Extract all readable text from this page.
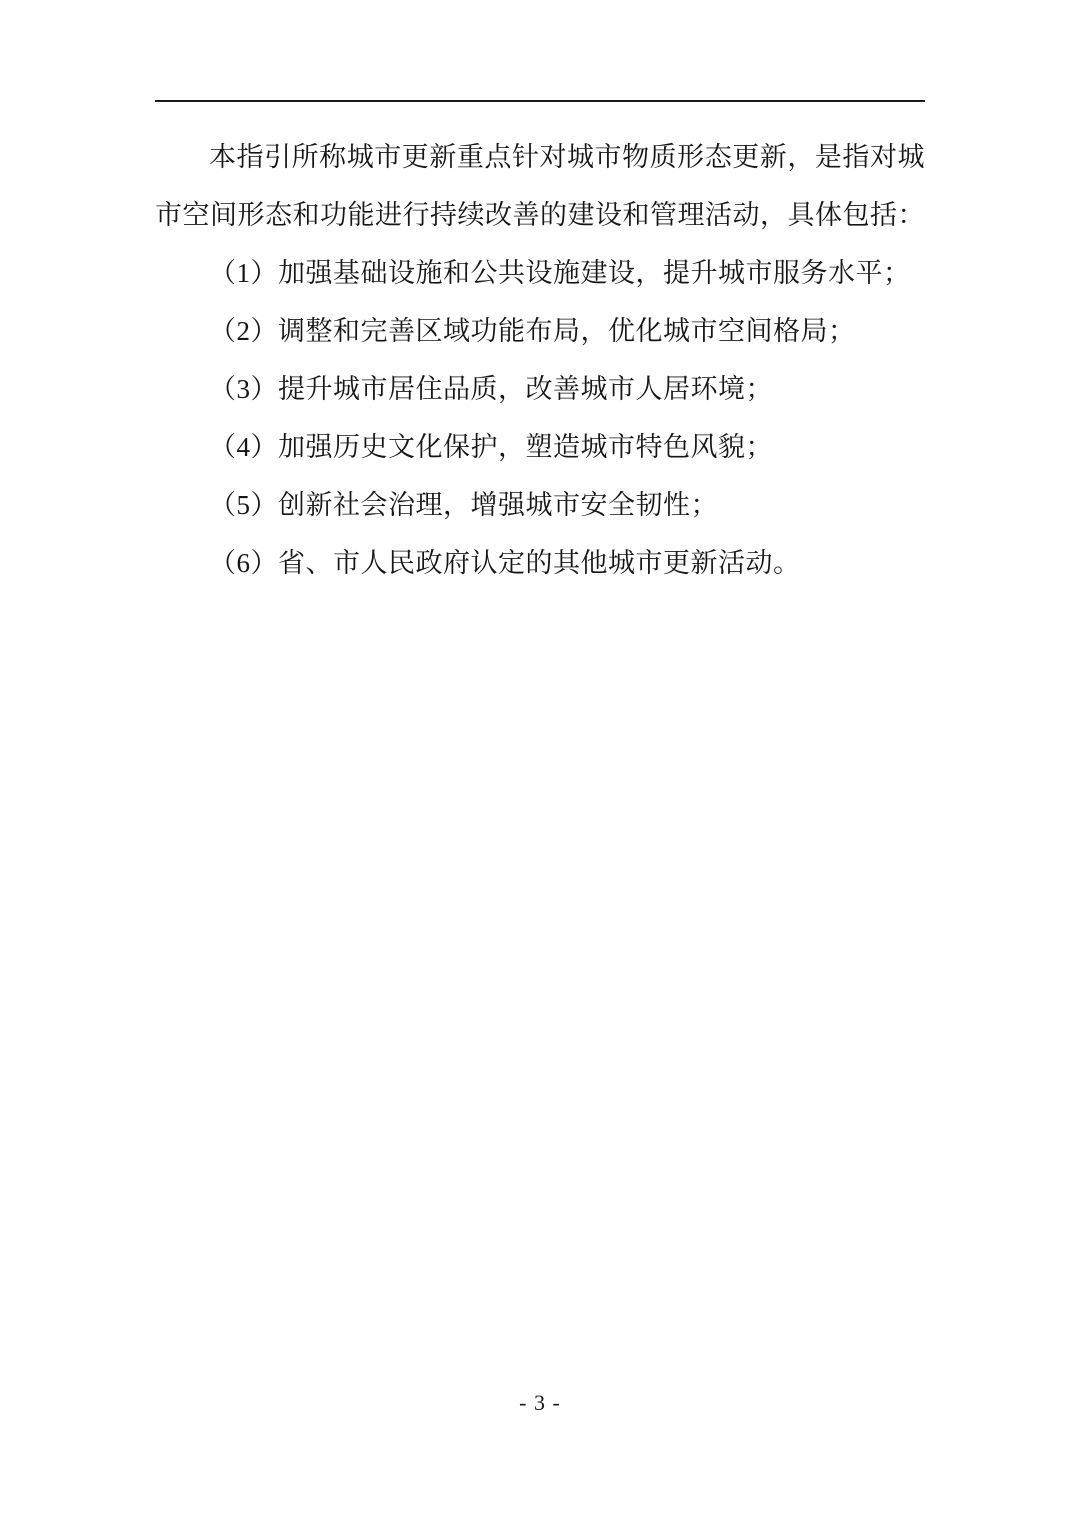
本指引所称城市更新重点针对城市物质形态更新，是指对城市空间形态和功能进行持续改善的建设和管理活动，具体包括：

（1）加强基础设施和公共设施建设，提升城市服务水平；

（2）调整和完善区域功能布局，优化城市空间格局；

（3）提升城市居住品质，改善城市人居环境；

（4）加强历史文化保护，塑造城市特色风貌；

（5）创新社会治理，增强城市安全韧性；

（6）省、市人民政府认定的其他城市更新活动。

- 3 -
